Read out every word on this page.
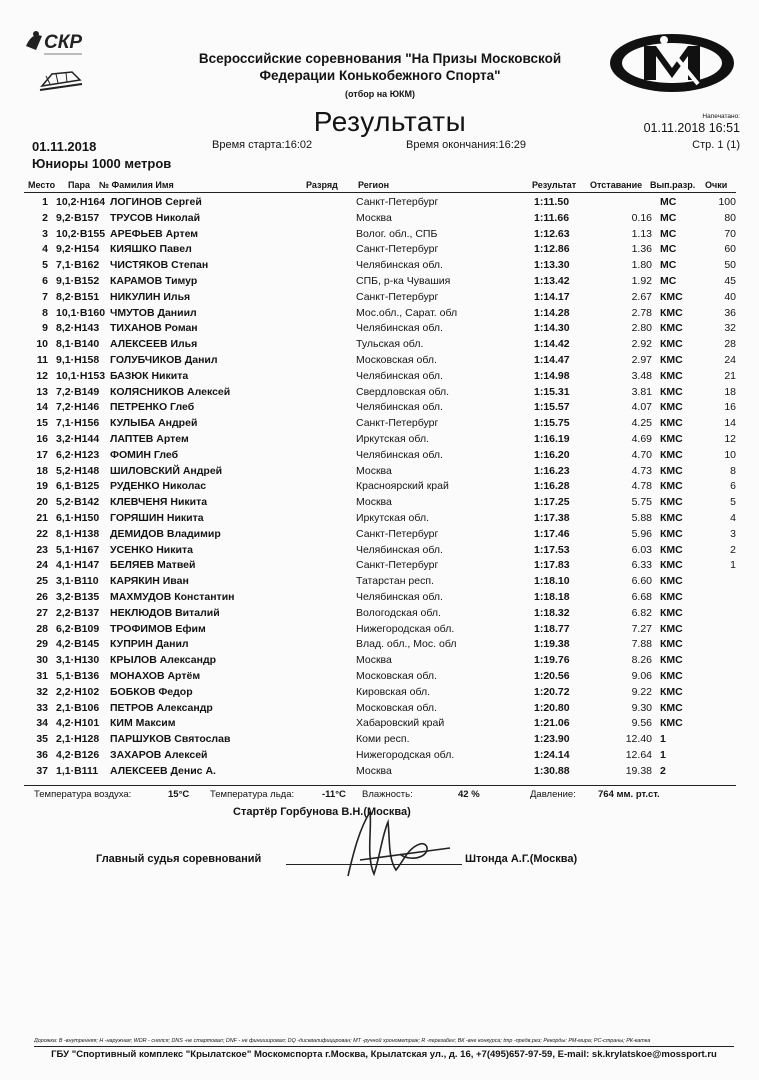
СКР
Всероссийские соревнования "На Призы Московской
Федерации Конькобежного Спорта"
(отбор на ЮКМ)
Результаты	Напечатано:
01.11.2018 16:51
01.11.2018	Время старта:16:02	Время окончания:16:29	Стр. 1 (1)
Юниоры 1000 метров
Место Пара № Фамилия Имя	Разряд Регион	Результат Отставание Вып.разр. Очки
1 10,2·Н164 ЛОГИНОВ Сергей	Санкт-Петербург	1:11.50	МС	100
2 9,2·В157	ТРУСОВ Николай	Москва	1:11.66	0.16 МС	80
3 10,2·В155 АРЕФЬЕВ Артем	Волог. обл., СПБ	1:12.63	1.13 МС	70
4 9,2·Н154	КИЯШКО Павел	Санкт-Петербург	1:12.86	1.36 МС	60
5 7,1·В162	ЧИСТЯКОВ Степан	Челябинская обл.	1:13.30	1.80 МС	50
6 9,1·В152	КАРАМОВ Тимур	СПБ, р-ка Чувашия	1:13.42	1.92 МС	45
7 8,2·В151	НИКУЛИН Илья	Санкт-Петербург	1:14.17	2.67 КМС	40
8 10,1·В160 ЧМУТОВ Даниил	Мос.обл., Сарат. обл	1:14.28	2.78 КМС	36
9 8,2·Н143	ТИХАНОВ Роман	Челябинская обл.	1:14.30	2.80 КМС	32
10 8,1·В140	АЛЕКСЕЕВ Илья	Тульская обл.	1:14.42	2.92 КМС	28
11 9,1·Н158	ГОЛУБЧИКОВ Данил	Московская обл.	1:14.47	2.97 КМС	24
12 10,1·Н153 БАЗЮК Никита	Челябинская обл.	1:14.98	3.48 КМС	21
13 7,2·В149	КОЛЯСНИКОВ Алексей	Свердловская обл.	1:15.31	3.81 КМС	18
14 7,2·Н146	ПЕТРЕНКО Глеб	Челябинская обл.	1:15.57	4.07 КМС	16
15 7,1·Н156	КУЛЫБА Андрей	Санкт-Петербург	1:15.75	4.25 КМС	14
16 3,2·Н144	ЛАПТЕВ Артем	Иркутская обл.	1:16.19	4.69 КМС	12
17 6,2·Н123	ФОМИН Глеб	Челябинская обл.	1:16.20	4.70 КМС	10
18 5,2·Н148	ШИЛОВСКИЙ Андрей	Москва	1:16.23	4.73 КМС	8
19 6,1·В125	РУДЕНКО Николас	Красноярский край	1:16.28	4.78 КМС	6
20 5,2·В142	КЛЕВЧЕНЯ Никита	Москва	1:17.25	5.75 КМС	5
21 6,1·Н150	ГОРЯШИН Никита	Иркутская обл.	1:17.38	5.88 КМС	4
22 8,1·Н138	ДЕМИДОВ Владимир	Санкт-Петербург	1:17.46	5.96 КМС	3
23 5,1·Н167	УСЕНКО Никита	Челябинская обл.	1:17.53	6.03 КМС	2
24 4,1·Н147	БЕЛЯЕВ Матвей	Санкт-Петербург	1:17.83	6.33 КМС	1
25 3,1·В110	КАРЯКИН Иван	Татарстан респ.	1:18.10	6.60 КМС
26 3,2·В135	МАХМУДОВ Константин	Челябинская обл.	1:18.18	6.68 КМС
27 2,2·В137	НЕКЛЮДОВ Виталий	Вологодская обл.	1:18.32	6.82 КМС
28 6,2·В109	ТРОФИМОВ Ефим	Нижегородская обл.	1:18.77	7.27 КМС
29 4,2·В145	КУПРИН Данил	Влад. обл., Мос. обл	1:19.38	7.88 КМС
30 3,1·Н130	КРЫЛОВ Александр	Москва	1:19.76	8.26 КМС
31 5,1·В136	МОНАХОВ Артём	Московская обл.	1:20.56	9.06 КМС
32 2,2·Н102	БОБКОВ Федор	Кировская обл.	1:20.72	9.22 КМС
33 2,1·В106	ПЕТРОВ Александр	Московская обл.	1:20.80	9.30 КМС
34 4,2·Н101	КИМ Максим	Хабаровский край	1:21.06	9.56 КМС
35 2,1·Н128	ПАРШУКОВ Святослав	Коми респ.	1:23.90	12.40 1
36 4,2·В126	ЗАХАРОВ Алексей	Нижегородская обл.	1:24.14	12.64 1
37 1,1·В111	АЛЕКСЕЕВ Денис А.	Москва	1:30.88	19.38 2
Температура воздуха:	15°C Температура льда:	-11°C Влажность:	42 %	Давление: 764 мм. рт.ст.
Стартёр Горбунова В.Н.(Москва)
Главный судья соревнований	Штонда А.Г.(Москва)
Дорожка: В -внутренняя; Н -наружная; WDR - снялся; DNS -не стартовал; DNF - не финишировал; DQ -дисквалифицирован; МТ -ручной хронометраж; R -перезабег; ВК -вне конкурса; tmp -предв.рез; Рекорды: РМ-мира; РС-страны; РК-катка
ГБУ "Спортивный комплекс "Крылатское" Москомспорта г.Москва, Крылатская ул., д. 16, +7(495)657-97-59, E-mail: sk.krylatskoe@mossport.ru
